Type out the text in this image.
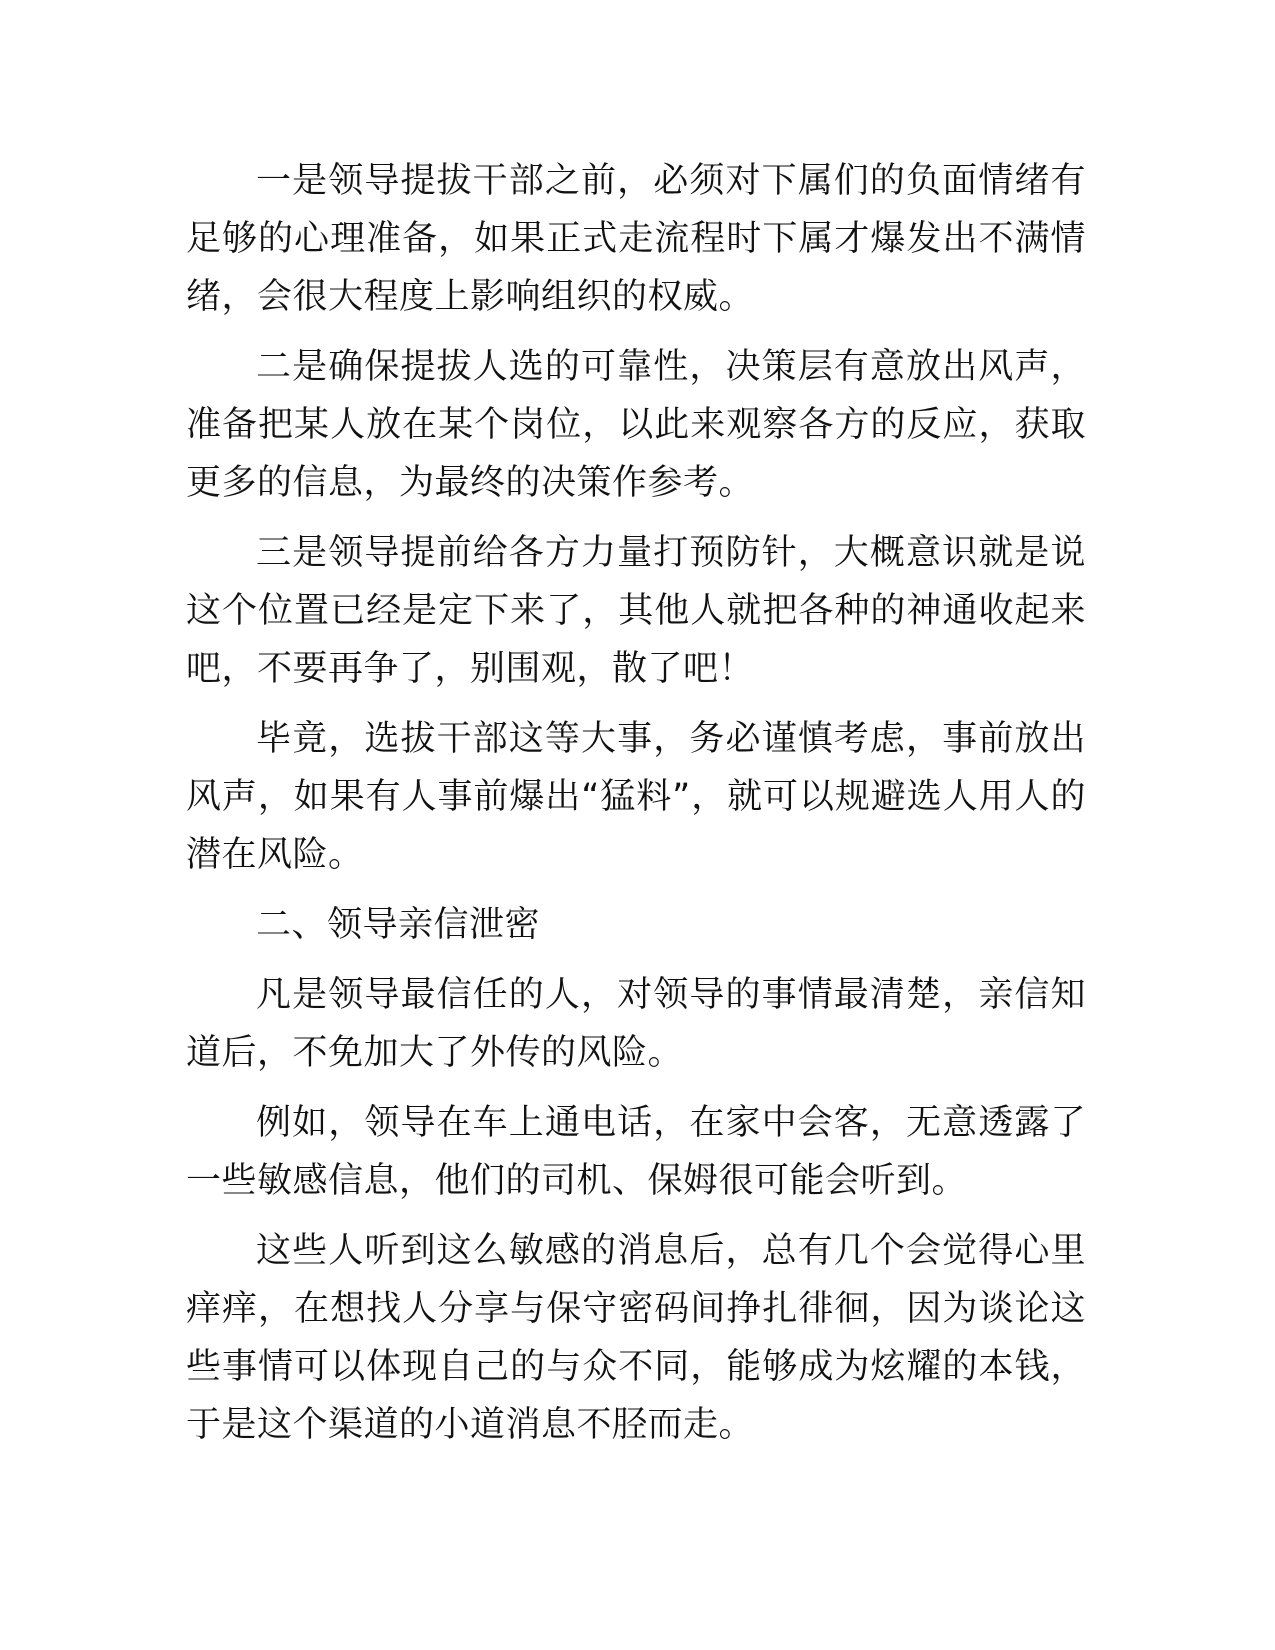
一是领导提拔干部之前，必须对下属们的负面情绪有足够的心理准备，如果正式走流程时下属才爆发出不满情绪，会很大程度上影响组织的权威。

二是确保提拔人选的可靠性，决策层有意放出风声，准备把某人放在某个岗位，以此来观察各方的反应，获取更多的信息，为最终的决策作参考。

三是领导提前给各方力量打预防针，大概意识就是说这个位置已经是定下来了，其他人就把各种的神通收起来吧，不要再争了，别围观，散了吧！

毕竟，选拔干部这等大事，务必谨慎考虑，事前放出风声，如果有人事前爆出“猛料”，就可以规避选人用人的潜在风险。

二、领导亲信泄密

凡是领导最信任的人，对领导的事情最清楚，亲信知道后，不免加大了外传的风险。

例如，领导在车上通电话，在家中会客，无意透露了一些敏感信息，他们的司机、保姆很可能会听到。

这些人听到这么敏感的消息后，总有几个会觉得心里痒痒，在想找人分享与保守密码间挣扎徘徊，因为谈论这些事情可以体现自己的与众不同，能够成为炫耀的本钱，于是这个渠道的小道消息不胫而走。
